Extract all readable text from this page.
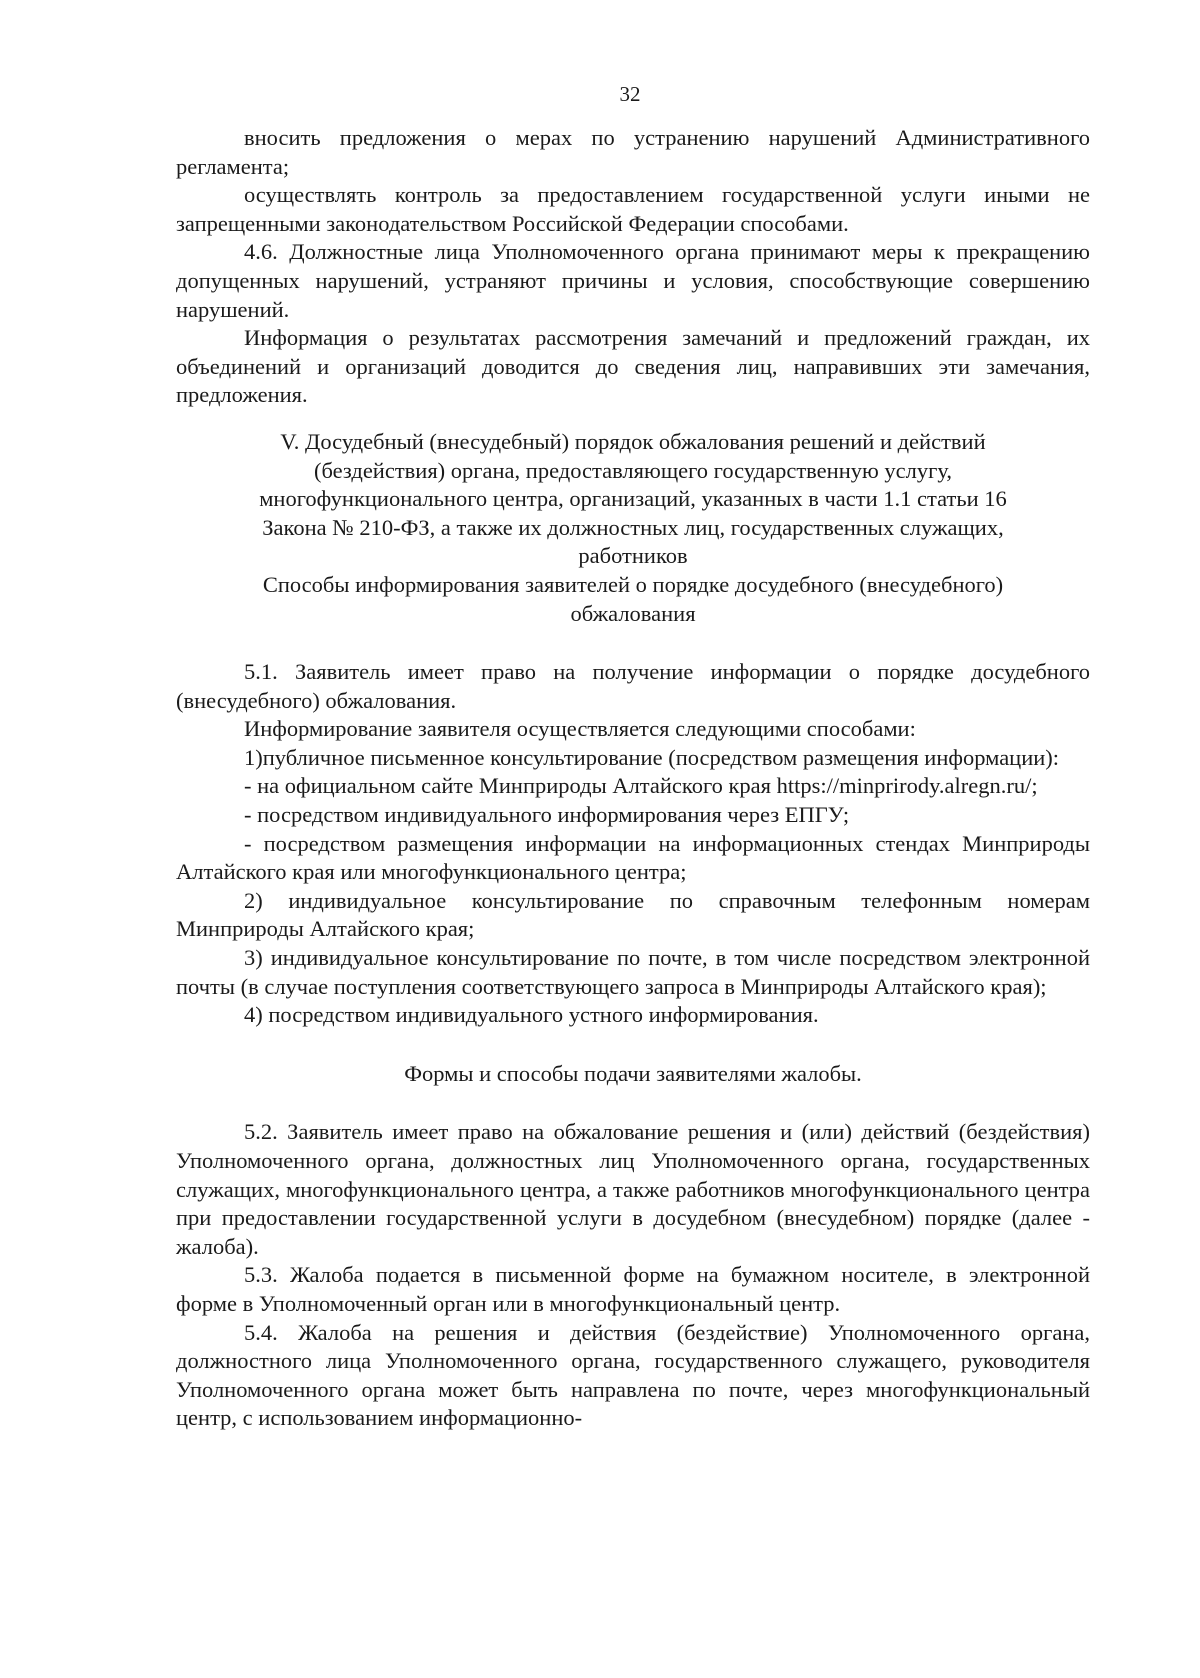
32

вносить предложения о мерах по устранению нарушений Административного регламента;

осуществлять контроль за предоставлением государственной услуги иными не запрещенными законодательством Российской Федерации способами.

4.6. Должностные лица Уполномоченного органа принимают меры к прекращению допущенных нарушений, устраняют причины и условия, способствующие совершению нарушений.

Информация о результатах рассмотрения замечаний и предложений граждан, их объединений и организаций доводится до сведения лиц, направивших эти замечания, предложения.

V. Досудебный (внесудебный) порядок обжалования решений и действий (бездействия) органа, предоставляющего государственную услугу, многофункционального центра, организаций, указанных в части 1.1 статьи 16 Закона № 210-ФЗ, а также их должностных лиц, государственных служащих, работников

Способы информирования заявителей о порядке досудебного (внесудебного) обжалования

5.1. Заявитель имеет право на получение информации о порядке досудебного (внесудебного) обжалования.

Информирование заявителя осуществляется следующими способами:

1)публичное письменное консультирование (посредством размещения информации):

- на официальном сайте Минприроды Алтайского края https://minprirody.alregn.ru/;

- посредством индивидуального информирования через ЕПГУ;

- посредством размещения информации на информационных стендах Минприроды Алтайского края или многофункционального центра;

2) индивидуальное консультирование по справочным телефонным номерам Минприроды Алтайского края;

3) индивидуальное консультирование по почте, в том числе посредством электронной почты (в случае поступления соответствующего запроса в Минприроды Алтайского края);

4) посредством индивидуального устного информирования.

Формы и способы подачи заявителями жалобы.

5.2. Заявитель имеет право на обжалование решения и (или) действий (бездействия) Уполномоченного органа, должностных лиц Уполномоченного органа, государственных служащих, многофункционального центра, а также работников многофункционального центра при предоставлении государственной услуги в досудебном (внесудебном) порядке (далее - жалоба).

5.3. Жалоба подается в письменной форме на бумажном носителе, в электронной форме в Уполномоченный орган или в многофункциональный центр.

5.4. Жалоба на решения и действия (бездействие) Уполномоченного органа, должностного лица Уполномоченного органа, государственного служащего, руководителя Уполномоченного органа может быть направлена по почте, через многофункциональный центр, с использованием информационно-
